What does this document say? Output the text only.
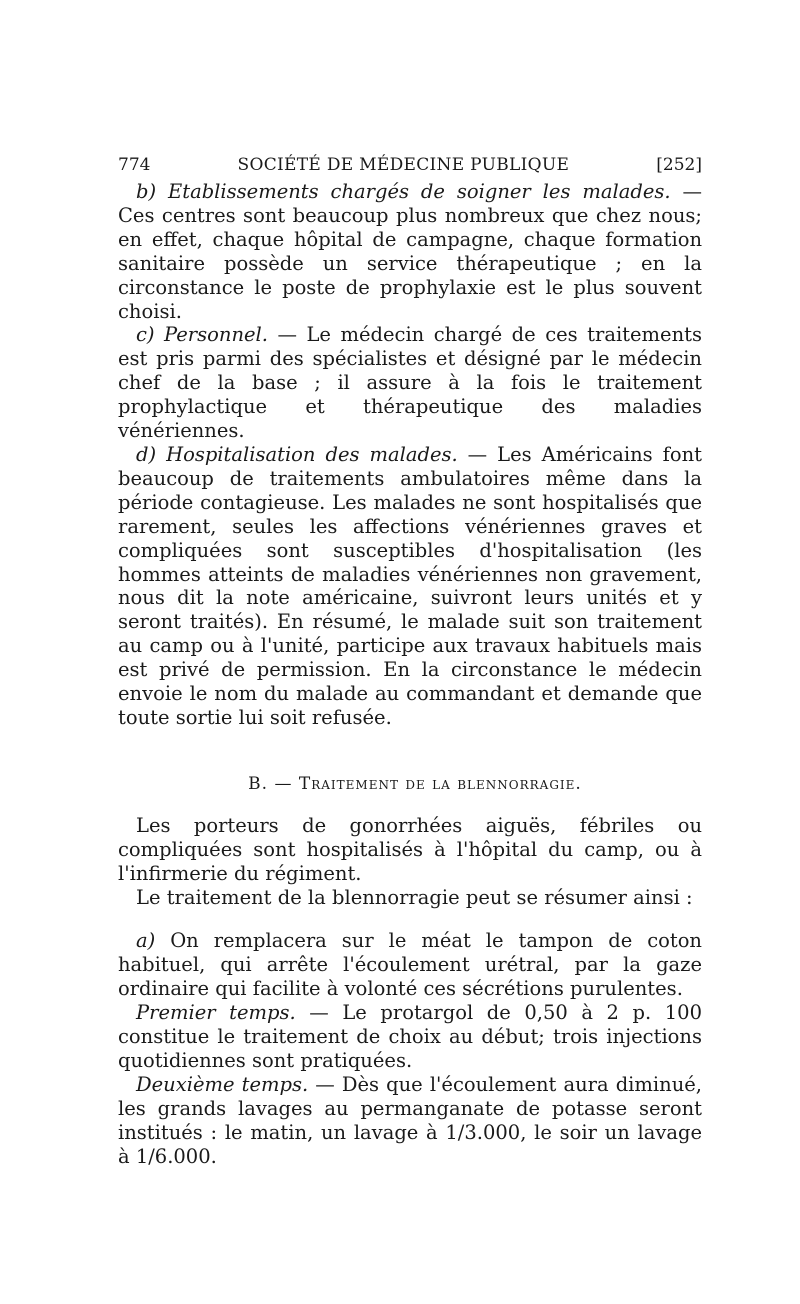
774	SOCIÉTÉ DE MÉDECINE PUBLIQUE	[252]

b) Etablissements chargés de soigner les malades. — Ces centres sont beaucoup plus nombreux que chez nous; en effet, chaque hôpital de campagne, chaque formation sanitaire possède un service thérapeutique ; en la circonstance le poste de prophylaxie est le plus souvent choisi.

c) Personnel. — Le médecin chargé de ces traitements est pris parmi des spécialistes et désigné par le médecin chef de la base ; il assure à la fois le traitement prophylactique et thérapeutique des maladies vénériennes.

d) Hospitalisation des malades. — Les Américains font beaucoup de traitements ambulatoires même dans la période contagieuse. Les malades ne sont hospitalisés que rarement, seules les affections vénériennes graves et compliquées sont susceptibles d'hospitalisation (les hommes atteints de maladies vénériennes non gravement, nous dit la note américaine, suivront leurs unités et y seront traités). En résumé, le malade suit son traitement au camp ou à l'unité, participe aux travaux habituels mais est privé de permission. En la circonstance le médecin envoie le nom du malade au commandant et demande que toute sortie lui soit refusée.

B. — Traitement de la blennorragie.

Les porteurs de gonorrhées aiguës, fébriles ou compliquées sont hospitalisés à l'hôpital du camp, ou à l'infirmerie du régiment.

Le traitement de la blennorragie peut se résumer ainsi :

a) On remplacera sur le méat le tampon de coton habituel, qui arrête l'écoulement urétral, par la gaze ordinaire qui facilite à volonté ces sécrétions purulentes.

Premier temps. — Le protargol de 0,50 à 2 p. 100 constitue le traitement de choix au début; trois injections quotidiennes sont pratiquées.

Deuxième temps. — Dès que l'écoulement aura diminué, les grands lavages au permanganate de potasse seront institués : le matin, un lavage à 1/3.000, le soir un lavage à 1/6.000.
